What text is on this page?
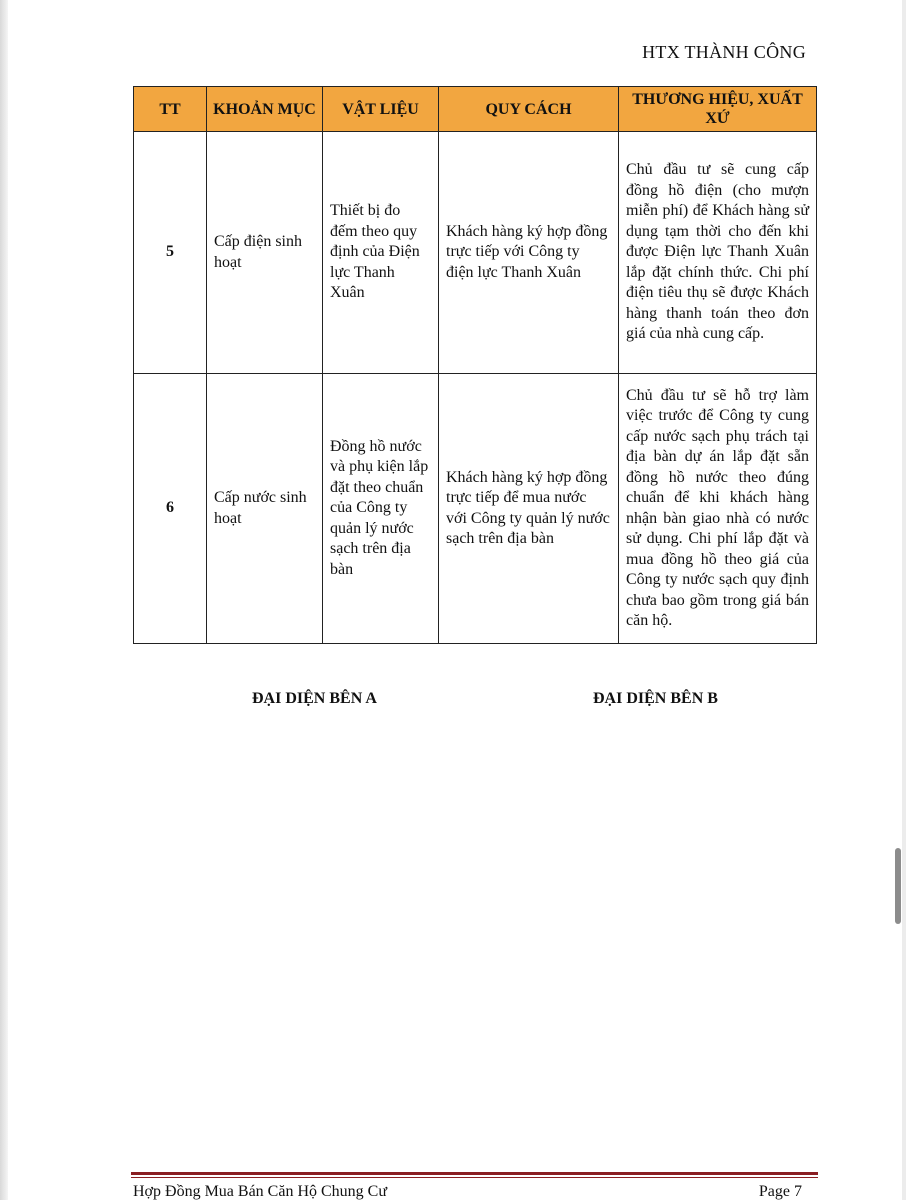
HTX THÀNH CÔNG
TT	KHOẢN MỤC	VẬT LIỆU	QUY CÁCH	THƯƠNG HIỆU, XUẤT XỨ
5	Cấp điện sinh hoạt	Thiết bị đo đếm theo quy định của Điện lực Thanh Xuân	Khách hàng ký hợp đồng trực tiếp với Công ty điện lực Thanh Xuân	Chủ đầu tư sẽ cung cấp đồng hồ điện (cho mượn miễn phí) để Khách hàng sử dụng tạm thời cho đến khi được Điện lực Thanh Xuân lắp đặt chính thức. Chi phí điện tiêu thụ sẽ được Khách hàng thanh toán theo đơn giá của nhà cung cấp.
6	Cấp nước sinh hoạt	Đồng hồ nước và phụ kiện lắp đặt theo chuẩn của Công ty quản lý nước sạch trên địa bàn	Khách hàng ký hợp đồng trực tiếp để mua nước với Công ty quản lý nước sạch trên địa bàn	Chủ đầu tư sẽ hỗ trợ làm việc trước để Công ty cung cấp nước sạch phụ trách tại địa bàn dự án lắp đặt sẵn đồng hồ nước theo đúng chuẩn để khi khách hàng nhận bàn giao nhà có nước sử dụng. Chi phí lắp đặt và mua đồng hồ theo giá của Công ty nước sạch quy định chưa bao gồm trong giá bán căn hộ.
ĐẠI DIỆN BÊN A	ĐẠI DIỆN BÊN B
Hợp Đồng Mua Bán Căn Hộ Chung Cư	Page 7
